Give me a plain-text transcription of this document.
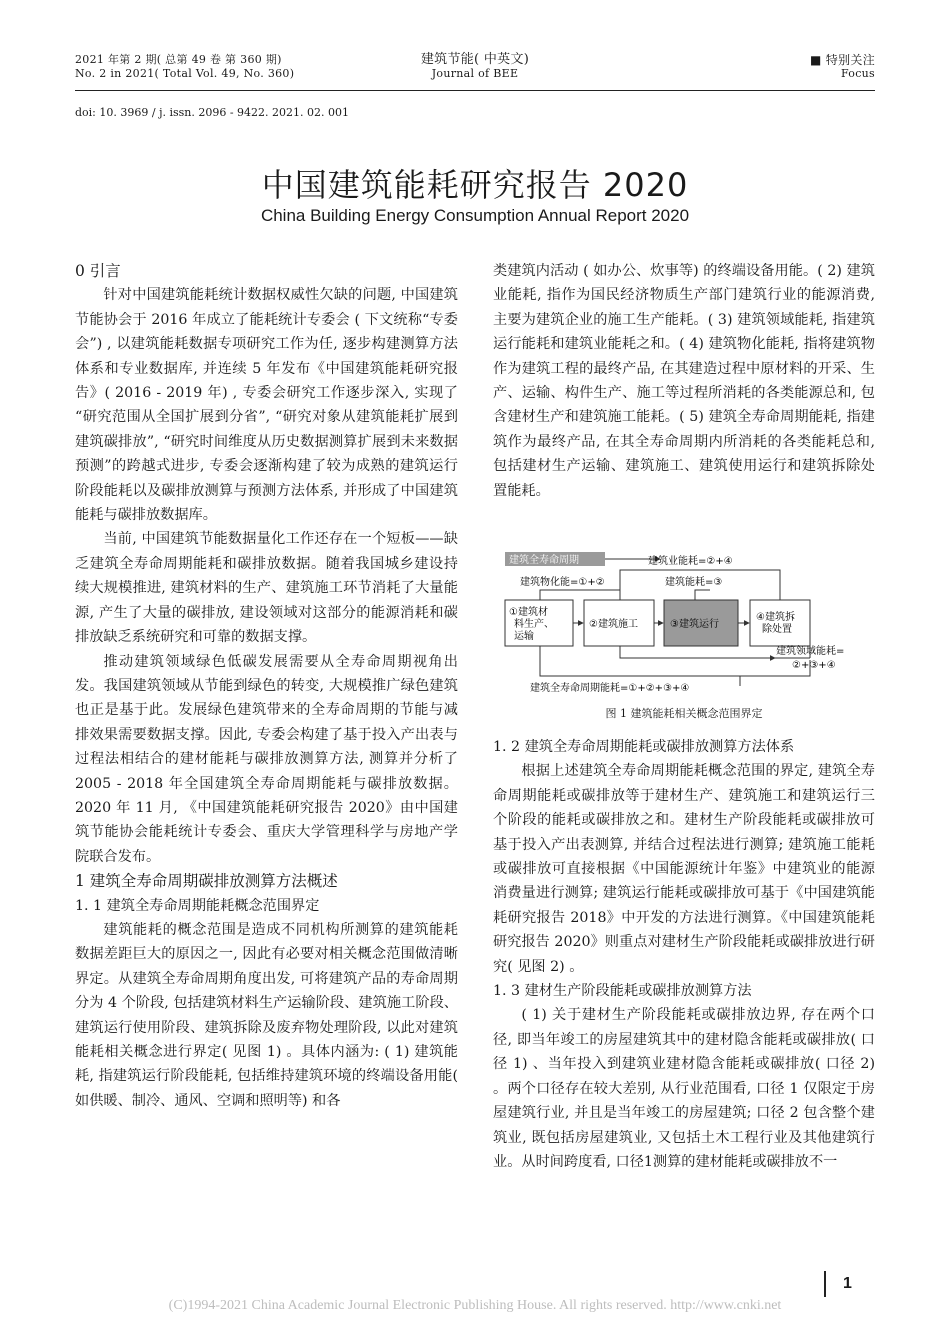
2021 年第 2 期( 总第 49 卷 第 360 期)
No. 2 in 2021( Total Vol. 49, No. 360)
建筑节能( 中英文)
Journal of BEE
■ 特别关注
Focus
doi: 10. 3969 / j. issn. 2096 - 9422. 2021. 02. 001
中国建筑能耗研究报告 2020
China Building Energy Consumption Annual Report 2020
0 引言

针对中国建筑能耗统计数据权威性欠缺的问题, 中国建筑节能协会于 2016 年成立了能耗统计专委会 ( 下文统称“专委会”) , 以建筑能耗数据专项研究工作为任, 逐步构建测算方法体系和专业数据库, 并连续 5 年发布《中国建筑能耗研究报告》( 2016 - 2019 年) , 专委会研究工作逐步深入, 实现了 “研究范围从全国扩展到分省”, “研究对象从建筑能耗扩展到建筑碳排放”, “研究时间维度从历史数据测算扩展到未来数据预测”的跨越式进步, 专委会逐渐构建了较为成熟的建筑运行阶段能耗以及碳排放测算与预测方法体系, 并形成了中国建筑能耗与碳排放数据库。

当前, 中国建筑节能数据量化工作还存在一个短板——缺乏建筑全寿命周期能耗和碳排放数据。随着我国城乡建设持续大规模推进, 建筑材料的生产、建筑施工环节消耗了大量能源, 产生了大量的碳排放, 建设领域对这部分的能源消耗和碳排放缺乏系统研究和可靠的数据支撑。

推动建筑领域绿色低碳发展需要从全寿命周期视角出发。我国建筑领域从节能到绿色的转变, 大规模推广绿色建筑也正是基于此。发展绿色建筑带来的全寿命周期的节能与减排效果需要数据支撑。因此, 专委会构建了基于投入产出表与过程法相结合的建材能耗与碳排放测算方法, 测算并分析了 2005 - 2018 年全国建筑全寿命周期能耗与碳排放数据。2020 年 11 月, 《中国建筑能耗研究报告 2020》由中国建筑节能协会能耗统计专委会、重庆大学管理科学与房地产学院联合发布。

1 建筑全寿命周期碳排放测算方法概述
1. 1 建筑全寿命周期能耗概念范围界定

建筑能耗的概念范围是造成不同机构所测算的建筑能耗数据差距巨大的原因之一, 因此有必要对相关概念范围做清晰界定。从建筑全寿命周期角度出发, 可将建筑产品的寿命周期分为 4 个阶段, 包括建筑材料生产运输阶段、建筑施工阶段、建筑运行使用阶段、建筑拆除及废弃物处理阶段, 以此对建筑能耗相关概念进行界定( 见图 1) 。具体内涵为: ( 1) 建筑能耗, 指建筑运行阶段能耗, 包括维持建筑环境的终端设备用能( 如供暖、制冷、通风、空调和照明等) 和各

类建筑内活动 ( 如办公、炊事等) 的终端设备用能。( 2) 建筑业能耗, 指作为国民经济物质生产部门建筑行业的能源消费, 主要为建筑企业的施工生产能耗。( 3) 建筑领域能耗, 指建筑运行能耗和建筑业能耗之和。( 4) 建筑物化能耗, 指将建筑物作为建筑工程的最终产品, 在其建造过程中原材料的开采、生产、运输、构件生产、施工等过程所消耗的各类能源总和, 包含建材生产和建筑施工能耗。( 5) 建筑全寿命周期能耗, 指建筑作为最终产品, 在其全寿命周期内所消耗的各类能耗总和, 包括建材生产运输、建筑施工、建筑使用运行和建筑拆除处置能耗。

建筑全寿命周期	建筑业能耗=②+④
建筑物化能=①+②	建筑能耗=③
①建筑材 料生产、 运输
②建筑施工	③建筑运行
④建筑拆 除处置
建筑领域能耗=
②+③+④
建筑全寿命周期能耗=①+②+③+④
图 1 建筑能耗相关概念范围界定
1. 2 建筑全寿命周期能耗或碳排放测算方法体系

根据上述建筑全寿命周期能耗概念范围的界定, 建筑全寿命周期能耗或碳排放等于建材生产、建筑施工和建筑运行三个阶段的能耗或碳排放之和。建材生产阶段能耗或碳排放可基于投入产出表测算, 并结合过程法进行测算; 建筑施工能耗或碳排放可直接根据《中国能源统计年鉴》中建筑业的能源消费量进行测算; 建筑运行能耗或碳排放可基于《中国建筑能耗研究报告 2018》中开发的方法进行测算。《中国建筑能耗研究报告 2020》则重点对建材生产阶段能耗或碳排放进行研究( 见图 2) 。

1. 3 建材生产阶段能耗或碳排放测算方法

( 1) 关于建材生产阶段能耗或碳排放边界, 存在两个口径, 即当年竣工的房屋建筑其中的建材隐含能耗或碳排放( 口径 1) 、当年投入到建筑业建材隐含能耗或碳排放( 口径 2) 。两个口径存在较大差别, 从行业范围看, 口径 1 仅限定于房屋建筑行业, 并且是当年竣工的房屋建筑; 口径 2 包含整个建筑业, 既包括房屋建筑业, 又包括土木工程行业及其他建筑行业。从时间跨度看, 口径1测算的建材能耗或碳排放不一

1
(C)1994-2021 China Academic Journal Electronic Publishing House. All rights reserved. http://www.cnki.net
